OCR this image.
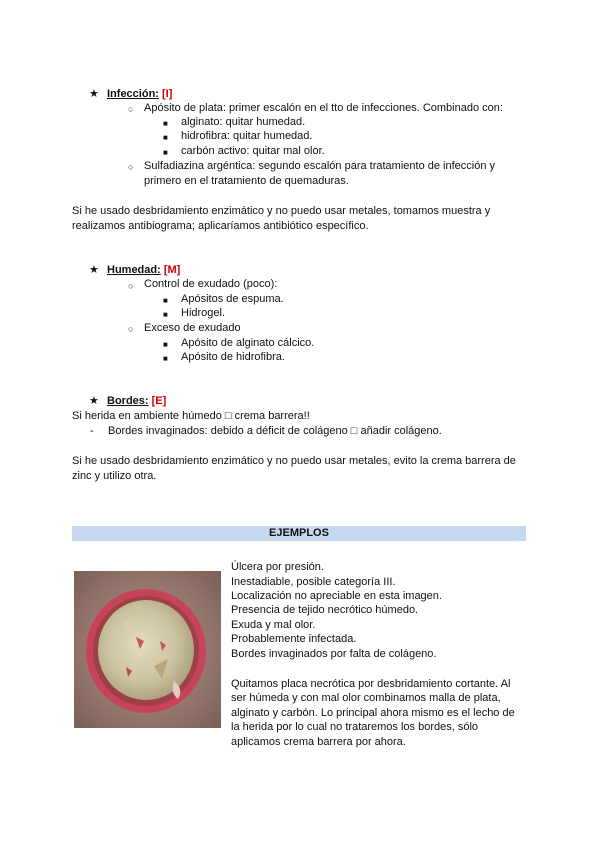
★ Infección: [I]
○ Apósito de plata: primer escalón en el tto de infecciones. Combinado con:
■ alginato: quitar humedad.
■ hidrofibra: quitar humedad.
■ carbón activo: quitar mal olor.
○ Sulfadiazina argéntica: segundo escalón para tratamiento de infección y
primero en el tratamiento de quemaduras.
Si he usado desbridamiento enzimático y no puedo usar metales, tomamos muestra y
realizamos antibiograma; aplicaríamos antibiótico específico.
★ Humedad: [M]
○ Control de exudado (poco):
■ Apósitos de espuma.
■ Hidrogel.
○ Exceso de exudado
■ Apósito de alginato cálcico.
■ Apósito de hidrofibra.
★ Bordes: [E]
Si herida en ambiente húmedo □ crema barrera!!
- Bordes invaginados: debido a déficit de colágeno □ añadir colágeno.
Si he usado desbridamiento enzimático y no puedo usar metales, evito la crema barrera de
zinc y utilizo otra.
EJEMPLOS
Úlcera por presión.
Inestadiable, posible categoría III.
Localización no apreciable en esta imagen.
Presencia de tejido necrótico húmedo.
Exuda y mal olor.
Probablemente infectada.
Bordes invaginados por falta de colágeno.
Quitamos placa necrótica por desbridamiento cortante. Al
ser húmeda y con mal olor combinamos malla de plata,
alginato y carbón. Lo principal ahora mismo es el lecho de
la herida por lo cual no trataremos los bordes, sólo
aplicamos crema barrera por ahora.
